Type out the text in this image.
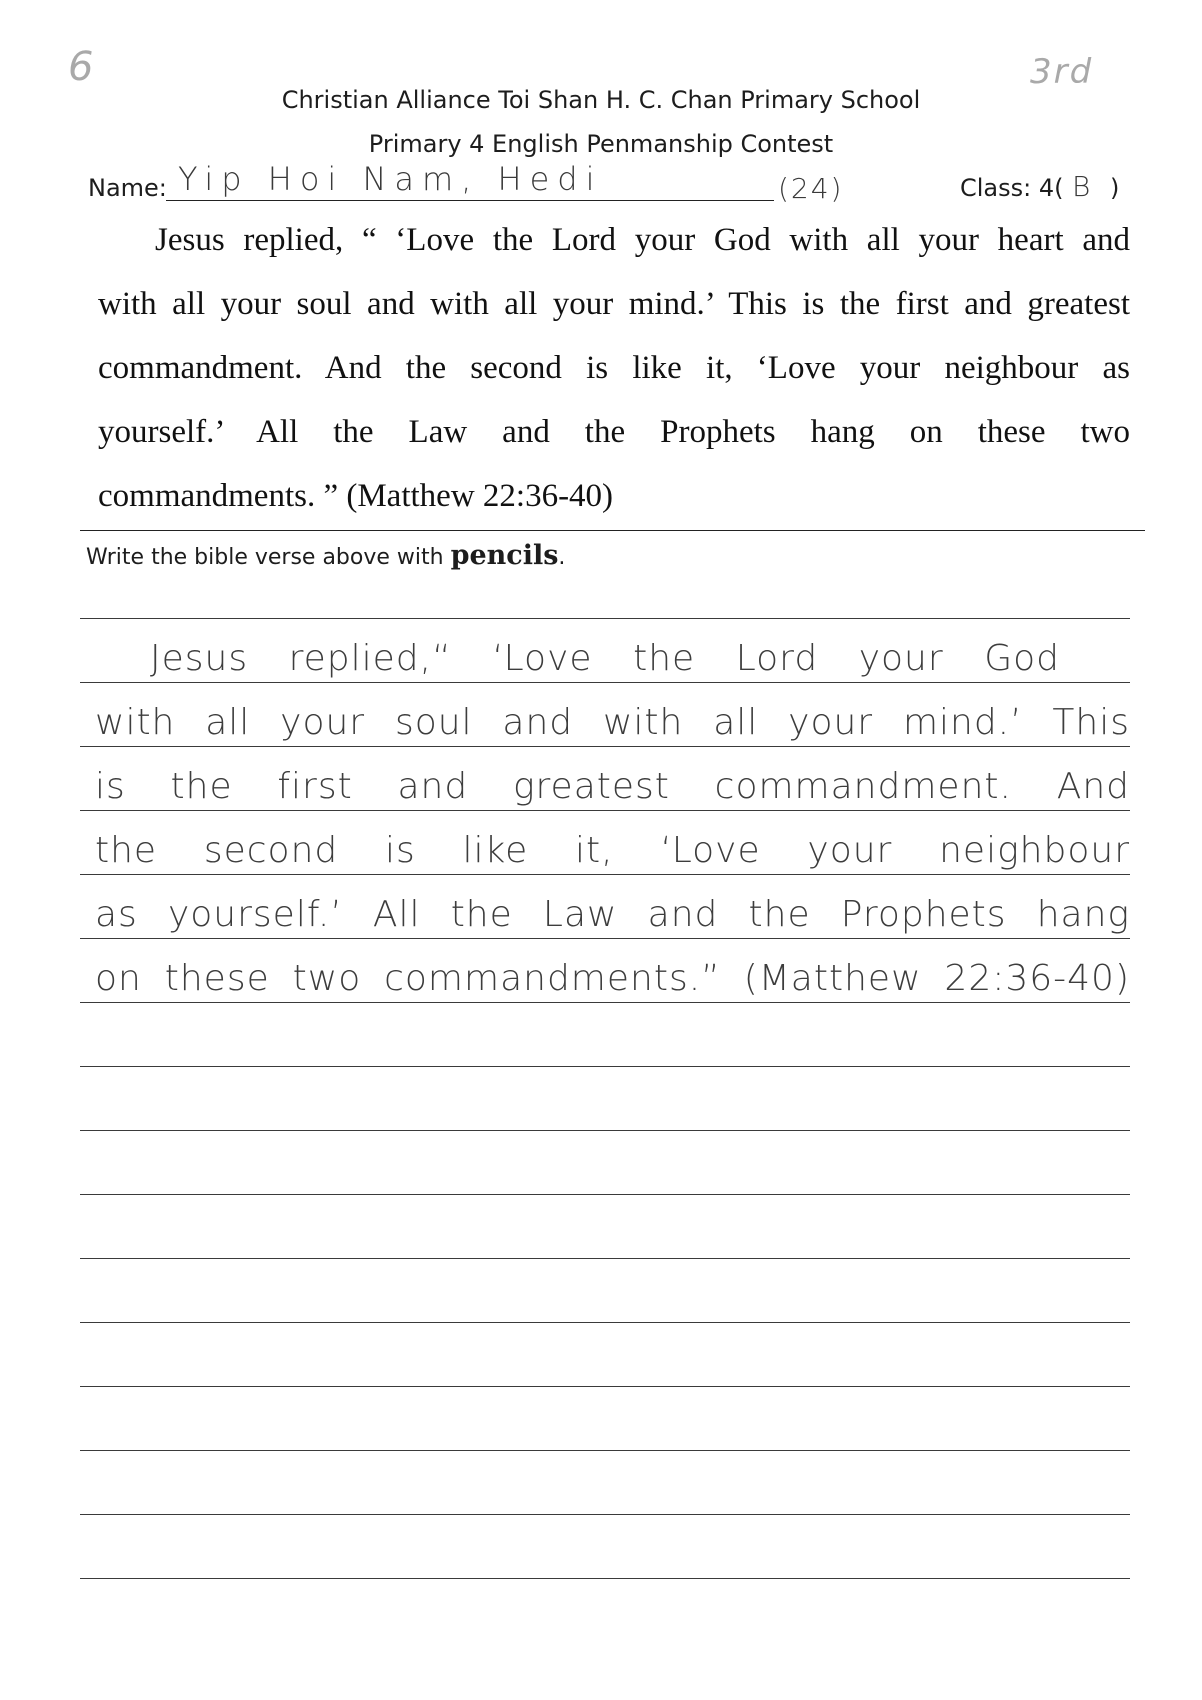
6	3rd
Christian Alliance Toi Shan H. C. Chan Primary School
Primary 4 English Penmanship Contest
Name: Yip Hoi Nam, Hedi	(24)	Class: 4( B )
Jesus replied, “ ‘Love the Lord your God with all your heart and
with all your soul and with all your mind.’ This is the first and greatest
commandment. And the second is like it, ‘Love your neighbour as
yourself.’ All the Law and the Prophets hang on these two
commandments. ” (Matthew 22:36-40)
Write the bible verse above with pencils.
Jesus replied,“ ‘Love the Lord your God
with all your soul and with all your mind.’ This
is the first and greatest commandment. And
the second is like it, ‘Love your neighbour
as yourself.’ All the Law and the Prophets hang
on these two commandments.” (Matthew 22:36-40)
